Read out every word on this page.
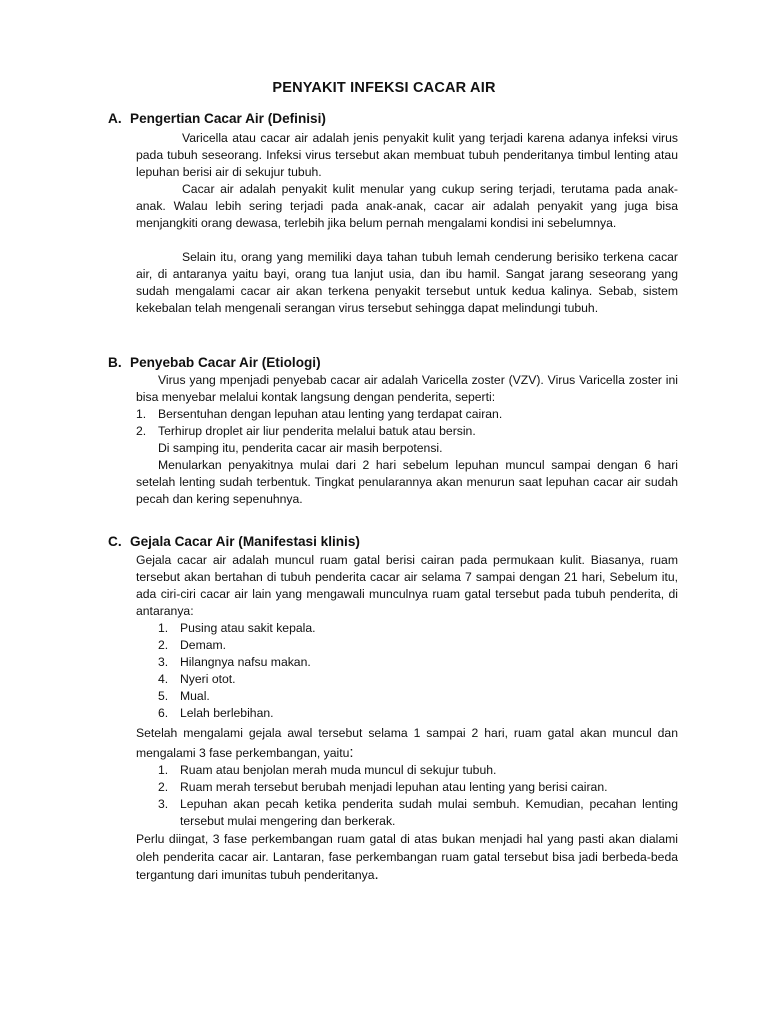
PENYAKIT INFEKSI CACAR AIR
A. Pengertian Cacar Air (Definisi)
Varicella atau cacar air adalah jenis penyakit kulit yang terjadi karena adanya infeksi virus pada tubuh seseorang. Infeksi virus tersebut akan membuat tubuh penderitanya timbul lenting atau lepuhan berisi air di sekujur tubuh.
Cacar air adalah penyakit kulit menular yang cukup sering terjadi, terutama pada anak-anak. Walau lebih sering terjadi pada anak-anak, cacar air adalah penyakit yang juga bisa menjangkiti orang dewasa, terlebih jika belum pernah mengalami kondisi ini sebelumnya.
Selain itu, orang yang memiliki daya tahan tubuh lemah cenderung berisiko terkena cacar air, di antaranya yaitu bayi, orang tua lanjut usia, dan ibu hamil. Sangat jarang seseorang yang sudah mengalami cacar air akan terkena penyakit tersebut untuk kedua kalinya. Sebab, sistem kekebalan telah mengenali serangan virus tersebut sehingga dapat melindungi tubuh.
B. Penyebab Cacar Air (Etiologi)
Virus yang mpenjadi penyebab cacar air adalah Varicella zoster (VZV). Virus Varicella zoster ini bisa menyebar melalui kontak langsung dengan penderita, seperti:
1. Bersentuhan dengan lepuhan atau lenting yang terdapat cairan.
2. Terhirup droplet air liur penderita melalui batuk atau bersin.
Di samping itu, penderita cacar air masih berpotensi.
Menularkan penyakitnya mulai dari 2 hari sebelum lepuhan muncul sampai dengan 6 hari setelah lenting sudah terbentuk. Tingkat penularannya akan menurun saat lepuhan cacar air sudah pecah dan kering sepenuhnya.
C. Gejala Cacar Air (Manifestasi klinis)
Gejala cacar air adalah muncul ruam gatal berisi cairan pada permukaan kulit. Biasanya, ruam tersebut akan bertahan di tubuh penderita cacar air selama 7 sampai dengan 21 hari, Sebelum itu, ada ciri-ciri cacar air lain yang mengawali munculnya ruam gatal tersebut pada tubuh penderita, di antaranya:
1. Pusing atau sakit kepala.
2. Demam.
3. Hilangnya nafsu makan.
4. Nyeri otot.
5. Mual.
6. Lelah berlebihan.
Setelah mengalami gejala awal tersebut selama 1 sampai 2 hari, ruam gatal akan muncul dan mengalami 3 fase perkembangan, yaitu:
1. Ruam atau benjolan merah muda muncul di sekujur tubuh.
2. Ruam merah tersebut berubah menjadi lepuhan atau lenting yang berisi cairan.
3. Lepuhan akan pecah ketika penderita sudah mulai sembuh. Kemudian, pecahan lenting tersebut mulai mengering dan berkerak.
Perlu diingat, 3 fase perkembangan ruam gatal di atas bukan menjadi hal yang pasti akan dialami oleh penderita cacar air. Lantaran, fase perkembangan ruam gatal tersebut bisa jadi berbeda-beda tergantung dari imunitas tubuh penderitanya.
